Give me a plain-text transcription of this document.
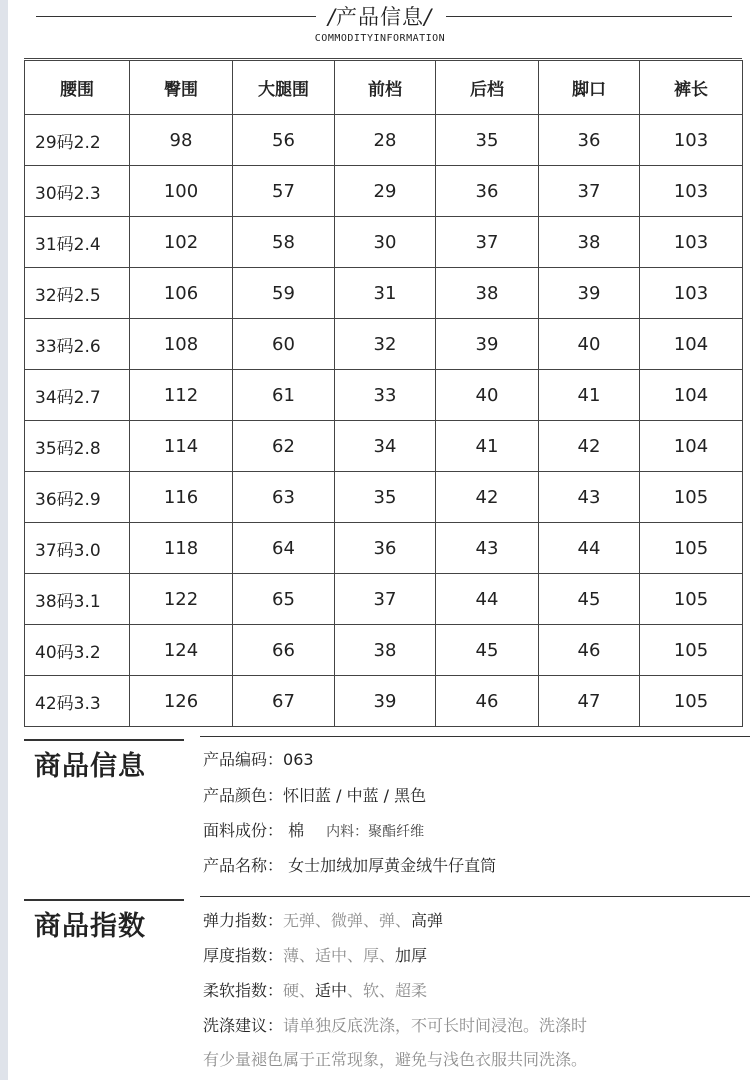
/产品信息/
COMMODITYINFORMATION
腰围	臀围	大腿围	前档	后档	脚口	裤长
29码2.2	98	56	28	35	36	103
30码2.3	100	57	29	36	37	103
31码2.4	102	58	30	37	38	103
32码2.5	106	59	31	38	39	103
33码2.6	108	60	32	39	40	104
34码2.7	112	61	33	40	41	104
35码2.8	114	62	34	41	42	104
36码2.9	116	63	35	42	43	105
37码3.0	118	64	36	43	44	105
38码3.1	122	65	37	44	45	105
40码3.2	124	66	38	45	46	105
42码3.3	126	67	39	46	47	105
商品信息	产品编码：063
产品颜色：怀旧蓝 / 中蓝 / 黑色
面料成份： 棉 内料：聚酯纤维
产品名称： 女士加绒加厚黄金绒牛仔直筒
商品指数	弹力指数：无弹、微弹、弹、高弹
厚度指数：薄、适中、厚、加厚
柔软指数：硬、适中、软、超柔
洗涤建议：请单独反底洗涤，不可长时间浸泡。洗涤时
有少量褪色属于正常现象，避免与浅色衣服共同洗涤。
